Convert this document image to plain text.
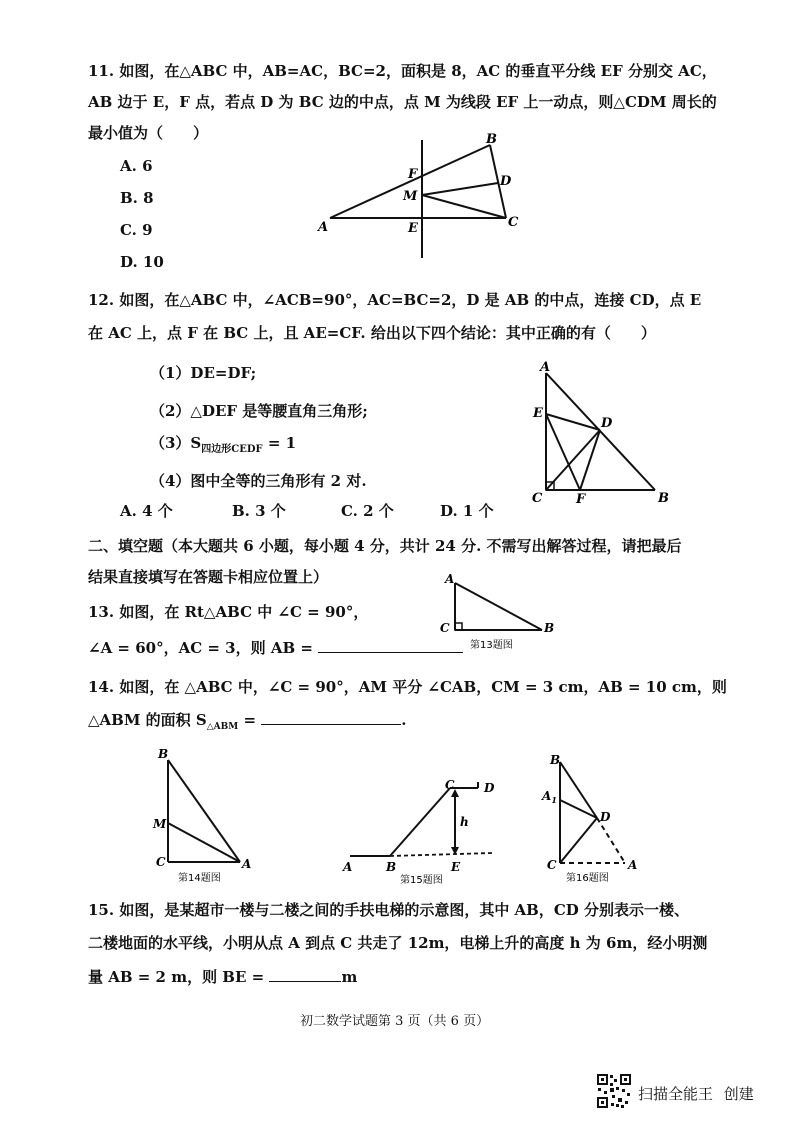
11. 如图，在△ABC 中，AB=AC，BC=2，面积是 8，AC 的垂直平分线 EF 分别交 AC，
AB 边于 E，F 点，若点 D 为 BC 边的中点，点 M 为线段 EF 上一动点，则△CDM 周长的
最小值为（　　）
A. 6
B. 8
C. 9
D. 10
A
B
C
D
E
F
M
12. 如图，在△ABC 中，∠ACB=90°，AC=BC=2，D 是 AB 的中点，连接 CD，点 E
在 AC 上，点 F 在 BC 上，且 AE=CF. 给出以下四个结论：其中正确的有（　　）
（1）DE=DF;
（2）△DEF 是等腰直角三角形;
$(3)S_{四边形CEDF} = 1$
（4）图中全等的三角形有 2 对.
A. 4 个	B. 3 个	C. 2 个	D. 1 个
A
B
C
D
E
F
二、填空题（本大题共 6 小题，每小题 4 分，共计 24 分. 不需写出解答过程，请把最后
结果直接填写在答题卡相应位置上）
13. 如图，在 Rt△ABC 中 ∠C = 90°，
∠A = 60°，AC = 3，则 AB =
A
C	B
第13题图
14. 如图，在 △ABC 中，∠C = 90°，AM 平分 ∠CAB，CM = 3 cm，AB = 10 cm，则
△ABM 的面积 $S_{\triangle ABM}$ =	.
B
M
C	A
第14题图
A	B
C D
E
h
第15题图
B
$A_1$
D
C	A
第16题图
15. 如图，是某超市一楼与二楼之间的手扶电梯的示意图，其中 AB，CD 分别表示一楼、
二楼地面的水平线，小明从点 A 到点 C 共走了 12m，电梯上升的高度 h 为 6m，经小明测
量 AB = 2 m，则 BE =	m
初二数学试题第 3 页（共 6 页）
扫描全能王 创建
